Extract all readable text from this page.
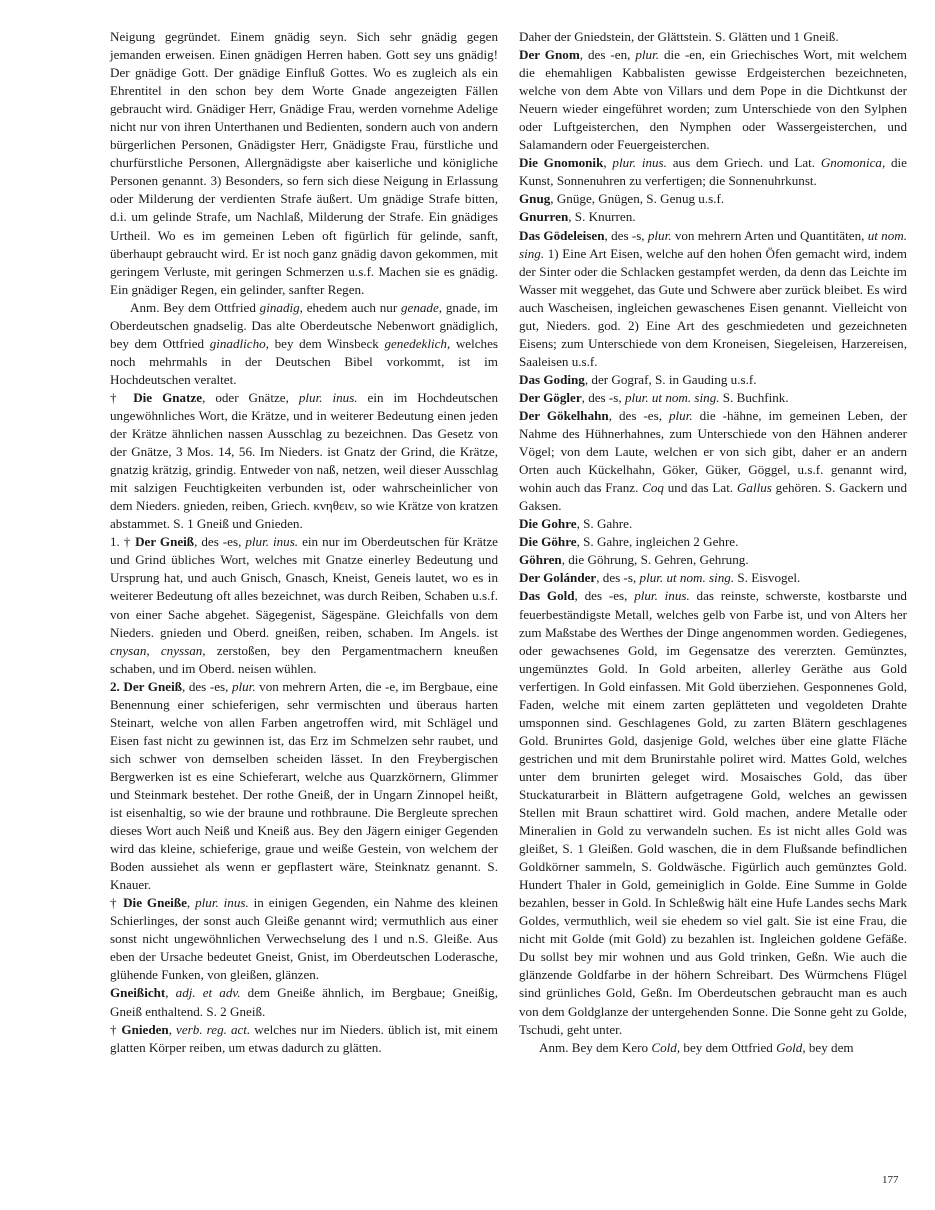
Neigung gegründet. Einem gnädig seyn. Sich sehr gnädig gegen jemanden erweisen. Einen gnädigen Herren haben. Gott sey uns gnädig! Der gnädige Gott. Der gnädige Einfluß Gottes. Wo es zugleich als ein Ehrentitel in den schon bey dem Worte Gnade angezeigten Fällen gebraucht wird. Gnädiger Herr, Gnädige Frau, werden vornehme Adelige nicht nur von ihren Unterthanen und Bedienten, sondern auch von andern bürgerlichen Personen, Gnädigster Herr, Gnädigste Frau, fürstliche und churfürstliche Personen, Allergnädigste aber kaiserliche und königliche Personen genannt. 3) Besonders, so fern sich diese Neigung in Erlassung oder Milderung der verdienten Strafe äußert. Um gnädige Strafe bitten, d.i. um gelinde Strafe, um Nachlaß, Milderung der Strafe. Ein gnädiges Urtheil. Wo es im gemeinen Leben oft figürlich für gelinde, sanft, überhaupt gebraucht wird. Er ist noch ganz gnädig davon gekommen, mit geringem Verluste, mit geringen Schmerzen u.s.f. Machen sie es gnädig. Ein gnädiger Regen, ein gelinder, sanfter Regen.

Anm. Bey dem Ottfried ginadig, ehedem auch nur genade, gnade, im Oberdeutschen gnadselig. Das alte Oberdeutsche Nebenwort gnädiglich, bey dem Ottfried ginadlicho, bey dem Winsbeck genedeklich, welches noch mehrmahls in der Deutschen Bibel vorkommt, ist im Hochdeutschen veraltet.

† Die Gnatze, oder Gnätze, plur. inus. ein im Hochdeutschen ungewöhnliches Wort, die Krätze, und in weiterer Bedeutung einen jeden der Krätze ähnlichen nassen Ausschlag zu bezeichnen. Das Gesetz von der Gnätze, 3 Mos. 14, 56. Im Nieders. ist Gnatz der Grind, die Krätze, gnatzig krätzig, grindig. Entweder von naß, netzen, weil dieser Ausschlag mit salzigen Feuchtigkeiten verbunden ist, oder wahrscheinlicher von dem Nieders. gnieden, reiben, Griech. κνηθειν, so wie Krätze von kratzen abstammet. S. 1 Gneiß und Gnieden.

1. † Der Gneiß, des -es, plur. inus. ein nur im Oberdeutschen für Krätze und Grind übliches Wort, welches mit Gnatze einerley Bedeutung und Ursprung hat, und auch Gnisch, Gnasch, Kneist, Geneis lautet, wo es in weiterer Bedeutung oft alles bezeichnet, was durch Reiben, Schaben u.s.f. von einer Sache abgehet. Sägegenist, Sägespäne. Gleichfalls von dem Nieders. gnieden und Oberd. gneißen, reiben, schaben. Im Angels. ist cnysan, cnyssan, zerstoßen, bey den Pergamentmachern kneußen schaben, und im Oberd. neisen wühlen.

2. Der Gneiß, des -es, plur. von mehrern Arten, die -e, im Bergbaue, eine Benennung einer schieferigen, sehr vermischten und überaus harten Steinart, welche von allen Farben angetroffen wird, mit Schlägel und Eisen fast nicht zu gewinnen ist, das Erz im Schmelzen sehr raubet, und sich schwer von demselben scheiden lässet. In den Freybergischen Bergwerken ist es eine Schieferart, welche aus Quarzkörnern, Glimmer und Steinmark bestehet. Der rothe Gneiß, der in Ungarn Zinnopel heißt, ist eisenhaltig, so wie der braune und rothbraune. Die Bergleute sprechen dieses Wort auch Neiß und Kneiß aus. Bey den Jägern einiger Gegenden wird das kleine, schieferige, graue und weiße Gestein, von welchem der Boden aussiehet als wenn er gepflastert wäre, Steinknatz genannt. S. Knauer.

† Die Gneiße, plur. inus. in einigen Gegenden, ein Nahme des kleinen Schierlinges, der sonst auch Gleiße genannt wird; vermuthlich aus einer sonst nicht ungewöhnlichen Verwechselung des l und n.S. Gleiße. Aus eben der Ursache bedeutet Gneist, Gnist, im Oberdeutschen Loderasche, glühende Funken, von gleißen, glänzen.

Gneißicht, adj. et adv. dem Gneiße ähnlich, im Bergbaue; Gneißig, Gneiß enthaltend. S. 2 Gneiß.

† Gnieden, verb. reg. act. welches nur im Nieders. üblich ist, mit einem glatten Körper reiben, um etwas dadurch zu glätten.

Daher der Gniedstein, der Glättstein. S. Glätten und 1 Gneiß.

Der Gnom, des -en, plur. die -en, ein Griechisches Wort, mit welchem die ehemahligen Kabbalisten gewisse Erdgeisterchen bezeichneten, welche von dem Abte von Villars und dem Pope in die Dichtkunst der Neuern wieder eingeführet worden; zum Unterschiede von den Sylphen oder Luftgeisterchen, den Nymphen oder Wassergeisterchen, und Salamandern oder Feuergeisterchen.

Die Gnomonik, plur. inus. aus dem Griech. und Lat. Gnomonica, die Kunst, Sonnenuhren zu verfertigen; die Sonnenuhrkunst.

Gnug, Gnüge, Gnügen, S. Genug u.s.f.

Gnurren, S. Knurren.

Das Gödeleisen, des -s, plur. von mehrern Arten und Quantitäten, ut nom. sing. 1) Eine Art Eisen, welche auf den hohen Öfen gemacht wird, indem der Sinter oder die Schlacken gestampfet werden, da denn das Leichte im Wasser mit weggehet, das Gute und Schwere aber zurück bleibet. Es wird auch Wascheisen, ingleichen gewaschenes Eisen genannt. Vielleicht von gut, Nieders. god. 2) Eine Art des geschmiedeten und gezeichneten Eisens; zum Unterschiede von dem Kroneisen, Siegeleisen, Harzereisen, Saaleisen u.s.f.

Das Goding, der Gograf, S. in Gauding u.s.f.

Der Gögler, des -s, plur. ut nom. sing. S. Buchfink.

Der Gökelhahn, des -es, plur. die -hähne, im gemeinen Leben, der Nahme des Hühnerhahnes, zum Unterschiede von den Hähnen anderer Vögel; von dem Laute, welchen er von sich gibt, daher er an andern Orten auch Kückelhahn, Göker, Güker, Göggel, u.s.f. genannt wird, wohin auch das Franz. Coq und das Lat. Gallus gehören. S. Gackern und Gaksen.

Die Gohre, S. Gahre.

Die Göhre, S. Gahre, ingleichen 2 Gehre.

Göhren, die Göhrung, S. Gehren, Gehrung.

Der Golánder, des -s, plur. ut nom. sing. S. Eisvogel.

Das Gold, des -es, plur. inus. das reinste, schwerste, kostbarste und feuerbeständigste Metall, welches gelb von Farbe ist, und von Alters her zum Maßstabe des Werthes der Dinge angenommen worden. Gediegenes, oder gewachsenes Gold, im Gegensatze des vererzten. Gemünztes, ungemünztes Gold. In Gold arbeiten, allerley Geräthe aus Gold verfertigen. In Gold einfassen. Mit Gold überziehen. Gesponnenes Gold, Faden, welche mit einem zarten geplätteten und vegoldeten Drahte umsponnen sind. Geschlagenes Gold, zu zarten Blätern geschlagenes Gold. Brunirtes Gold, dasjenige Gold, welches über eine glatte Fläche gestrichen und mit dem Brunirstahle poliret wird. Mattes Gold, welches unter dem brunirten geleget wird. Mosaisches Gold, das über Stuckaturarbeit in Blättern aufgetragene Gold, welches an gewissen Stellen mit Braun schattiret wird. Gold machen, andere Metalle oder Mineralien in Gold zu verwandeln suchen. Es ist nicht alles Gold was gleißet, S. 1 Gleißen. Gold waschen, die in dem Flußsande befindlichen Goldkörner sammeln, S. Goldwäsche. Figürlich auch gemünztes Gold. Hundert Thaler in Gold, gemeiniglich in Golde. Eine Summe in Golde bezahlen, besser in Gold. In Schleßwig hält eine Hufe Landes sechs Mark Goldes, vermuthlich, weil sie ehedem so viel galt. Sie ist eine Frau, die nicht mit Golde (mit Gold) zu bezahlen ist. Ingleichen goldene Gefäße. Du sollst bey mir wohnen und aus Gold trinken, Geßn. Wie auch die glänzende Goldfarbe in der höhern Schreibart. Des Würmchens Flügel sind grünliches Gold, Geßn. Im Oberdeutschen gebraucht man es auch von dem Goldglanze der untergehenden Sonne. Die Sonne geht zu Golde, Tschudi, geht unter.

Anm. Bey dem Kero Cold, bey dem Ottfried Gold, bey dem

177
